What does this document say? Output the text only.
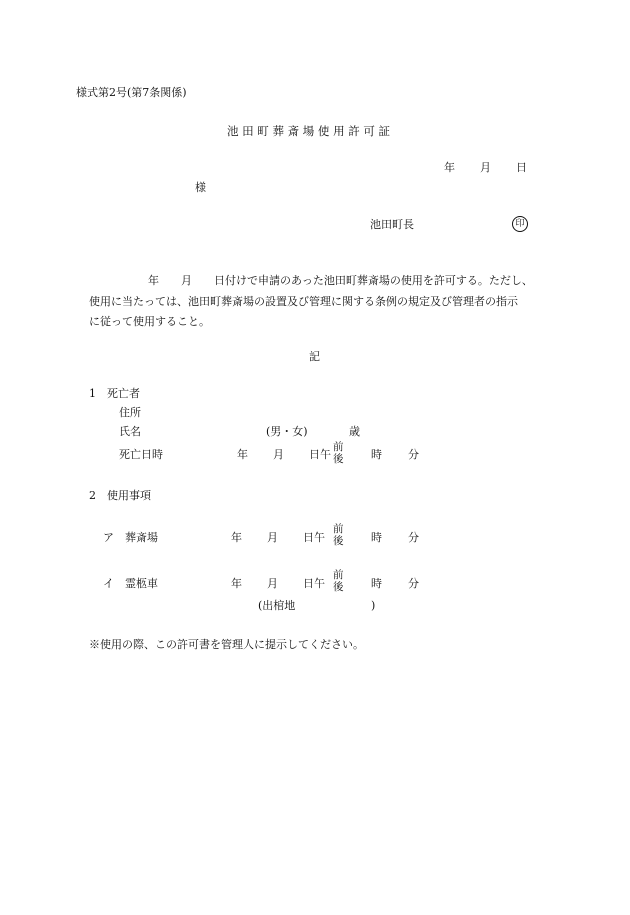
様式第2号(第7条関係)
池 田 町 葬 斎 場 使 用 許 可 証
年 月 日
様
池田町長	印
年　　月　　日付けで申請のあった池田町葬斎場の使用を許可する。ただし、
使用に当たっては、池田町葬斎場の設置及び管理に関する条例の規定及び管理者の指示
に従って使用すること。
記
1　死亡者
住所
氏名	(男・女)	歳
死亡日時	年 月 日 午
前
後	時 分
2　使用事項
ア　葬斎場	年 月 日 午
前
後	時 分
イ　霊柩車	年 月 日 午
前
後	時 分
(出棺地	)
※使用の際、この許可書を管理人に提示してください。
